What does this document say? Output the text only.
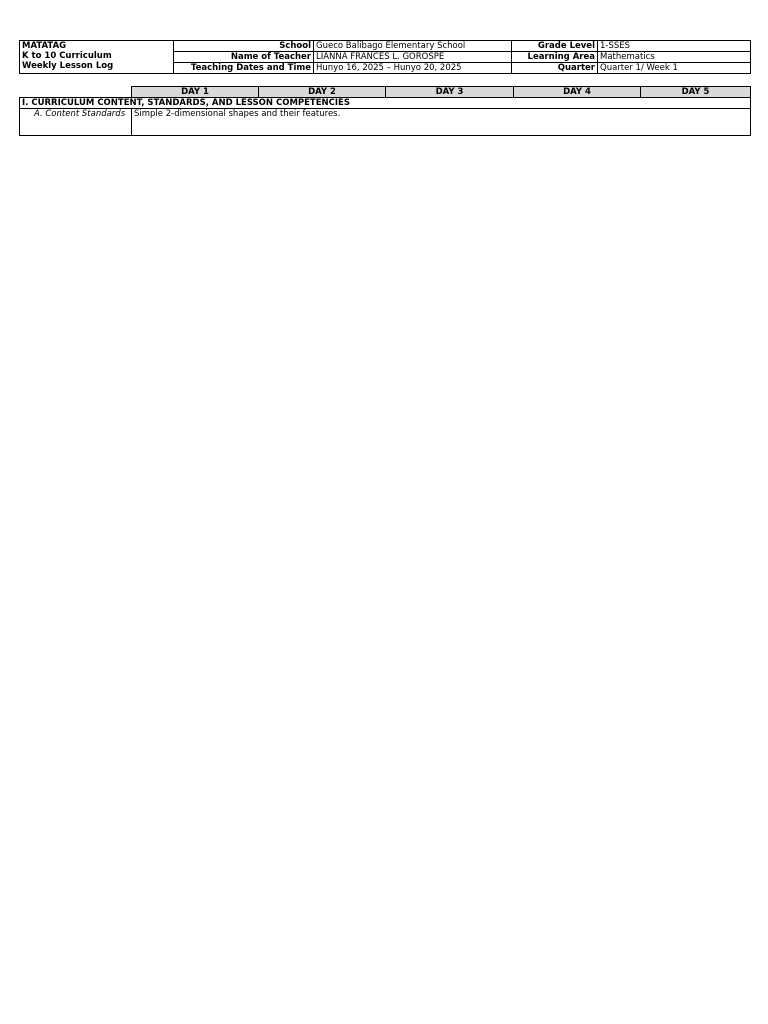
MATATAG
K to 10 Curriculum
Weekly Lesson Log	School	Gueco Balibago Elementary School	Grade Level	1-SSES
	Name of Teacher	LIANNA FRANCES L. GOROSPE	Learning Area	Mathematics
	Teaching Dates and Time	Hunyo 16, 2025 – Hunyo 20, 2025	Quarter	Quarter 1/ Week 1
	DAY 1	DAY 2	DAY 3	DAY 4	DAY 5
I. CURRICULUM CONTENT, STANDARDS, AND LESSON COMPETENCIES					
A. Content Standards	Simple 2-dimensional shapes and their features.				
